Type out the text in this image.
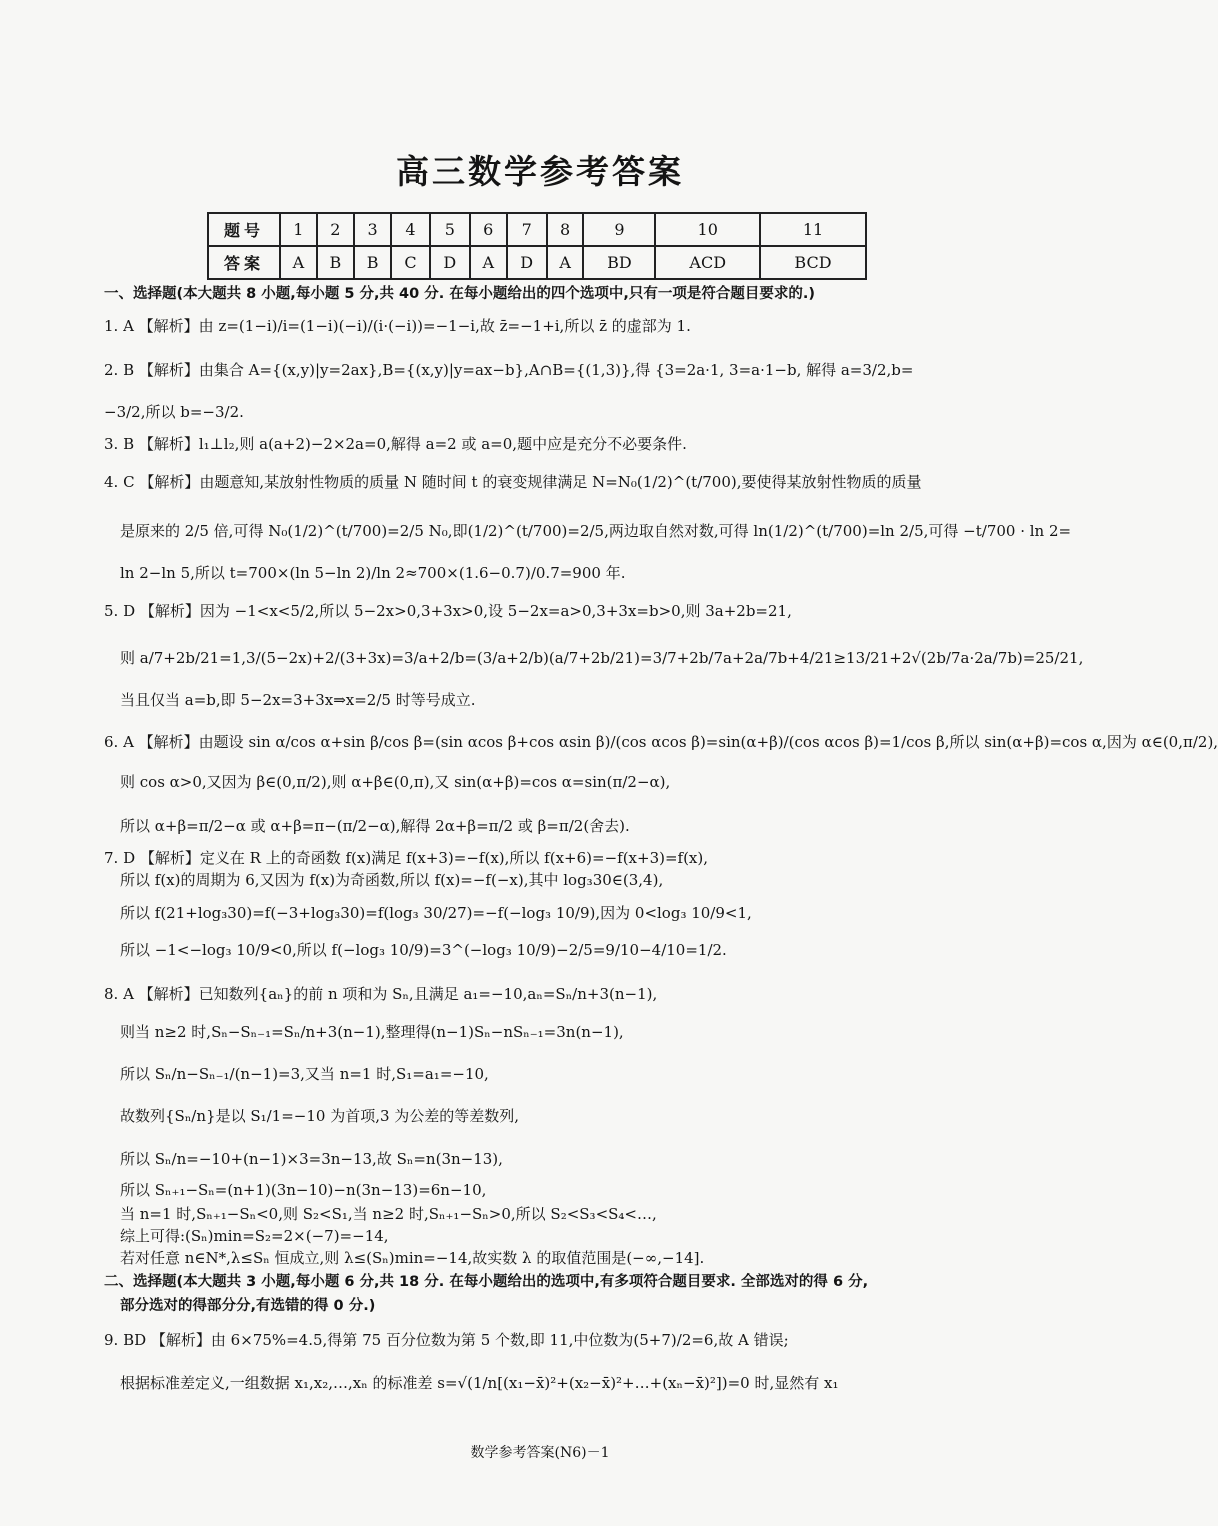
高三数学参考答案
题号	1	2	3	4	5	6	7	8	9	10	11
答案	A	B	B	C	D	A	D	A	BD	ACD	BCD
一、选择题(本大题共 8 小题,每小题 5 分,共 40 分. 在每小题给出的四个选项中,只有一项是符合题目要求的.)
1. A 【解析】由 z=(1−i)/i=(1−i)(−i)/(i·(−i))=−1−i,故 z̄=−1+i,所以 z̄ 的虚部为 1.
2. B 【解析】由集合 A={(x,y)|y=2ax},B={(x,y)|y=ax−b},A∩B={(1,3)},得 {3=2a·1, 3=a·1−b, 解得 a=3/2,b=
−3/2,所以 b=−3/2.
3. B 【解析】l₁⊥l₂,则 a(a+2)−2×2a=0,解得 a=2 或 a=0,题中应是充分不必要条件.
4. C 【解析】由题意知,某放射性物质的质量 N 随时间 t 的衰变规律满足 N=N₀(1/2)^(t/700),要使得某放射性物质的质量
是原来的 2/5 倍,可得 N₀(1/2)^(t/700)=2/5 N₀,即(1/2)^(t/700)=2/5,两边取自然对数,可得 ln(1/2)^(t/700)=ln 2/5,可得 −t/700 · ln 2=
ln 2−ln 5,所以 t=700×(ln 5−ln 2)/ln 2≈700×(1.6−0.7)/0.7=900 年.
5. D 【解析】因为 −1<x<5/2,所以 5−2x>0,3+3x>0,设 5−2x=a>0,3+3x=b>0,则 3a+2b=21,
则 a/7+2b/21=1,3/(5−2x)+2/(3+3x)=3/a+2/b=(3/a+2/b)(a/7+2b/21)=3/7+2b/7a+2a/7b+4/21≥13/21+2√(2b/7a·2a/7b)=25/21,
当且仅当 a=b,即 5−2x=3+3x⇒x=2/5 时等号成立.
6. A 【解析】由题设 sin α/cos α+sin β/cos β=(sin αcos β+cos αsin β)/(cos αcos β)=sin(α+β)/(cos αcos β)=1/cos β,所以 sin(α+β)=cos α,因为 α∈(0,π/2),
则 cos α>0,又因为 β∈(0,π/2),则 α+β∈(0,π),又 sin(α+β)=cos α=sin(π/2−α),
所以 α+β=π/2−α 或 α+β=π−(π/2−α),解得 2α+β=π/2 或 β=π/2(舍去).
7. D 【解析】定义在 R 上的奇函数 f(x)满足 f(x+3)=−f(x),所以 f(x+6)=−f(x+3)=f(x),
所以 f(x)的周期为 6,又因为 f(x)为奇函数,所以 f(x)=−f(−x),其中 log₃30∈(3,4),
所以 f(21+log₃30)=f(−3+log₃30)=f(log₃ 30/27)=−f(−log₃ 10/9),因为 0<log₃ 10/9<1,
所以 −1<−log₃ 10/9<0,所以 f(−log₃ 10/9)=3^(−log₃ 10/9)−2/5=9/10−4/10=1/2.
8. A 【解析】已知数列{aₙ}的前 n 项和为 Sₙ,且满足 a₁=−10,aₙ=Sₙ/n+3(n−1),
则当 n≥2 时,Sₙ−Sₙ₋₁=Sₙ/n+3(n−1),整理得(n−1)Sₙ−nSₙ₋₁=3n(n−1),
所以 Sₙ/n−Sₙ₋₁/(n−1)=3,又当 n=1 时,S₁=a₁=−10,
故数列{Sₙ/n}是以 S₁/1=−10 为首项,3 为公差的等差数列,
所以 Sₙ/n=−10+(n−1)×3=3n−13,故 Sₙ=n(3n−13),
所以 Sₙ₊₁−Sₙ=(n+1)(3n−10)−n(3n−13)=6n−10,
当 n=1 时,Sₙ₊₁−Sₙ<0,则 S₂<S₁,当 n≥2 时,Sₙ₊₁−Sₙ>0,所以 S₂<S₃<S₄<…,
综上可得:(Sₙ)min=S₂=2×(−7)=−14,
若对任意 n∈N*,λ≤Sₙ 恒成立,则 λ≤(Sₙ)min=−14,故实数 λ 的取值范围是(−∞,−14].
二、选择题(本大题共 3 小题,每小题 6 分,共 18 分. 在每小题给出的选项中,有多项符合题目要求. 全部选对的得 6 分,
部分选对的得部分分,有选错的得 0 分.)
9. BD 【解析】由 6×75%=4.5,得第 75 百分位数为第 5 个数,即 11,中位数为(5+7)/2=6,故 A 错误;
根据标准差定义,一组数据 x₁,x₂,…,xₙ 的标准差 s=√(1/n[(x₁−x̄)²+(x₂−x̄)²+…+(xₙ−x̄)²])=0 时,显然有 x₁
数学参考答案(N6)－1
